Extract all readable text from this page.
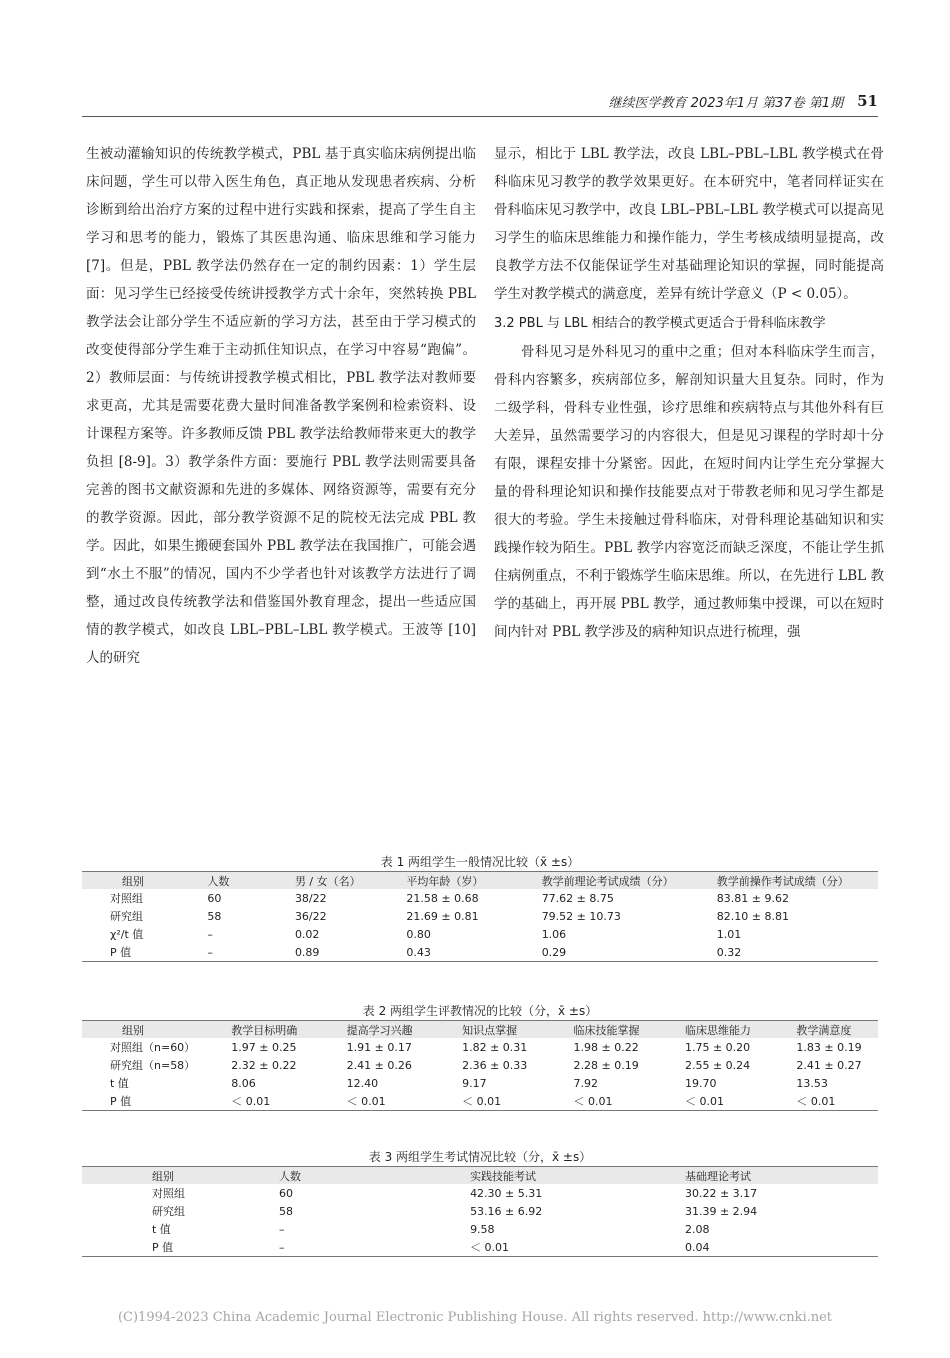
继续医学教育 2023年1月 第37卷 第1期 51

生被动灌输知识的传统教学模式，PBL 基于真实临床病例提出临床问题，学生可以带入医生角色，真正地从发现患者疾病、分析诊断到给出治疗方案的过程中进行实践和探索，提高了学生自主学习和思考的能力，锻炼了其医患沟通、临床思维和学习能力 [7]。但是，PBL 教学法仍然存在一定的制约因素：1）学生层面：见习学生已经接受传统讲授教学方式十余年，突然转换 PBL 教学法会让部分学生不适应新的学习方法，甚至由于学习模式的改变使得部分学生难于主动抓住知识点，在学习中容易“跑偏”。2）教师层面：与传统讲授教学模式相比，PBL 教学法对教师要求更高，尤其是需要花费大量时间准备教学案例和检索资料、设计课程方案等。许多教师反馈 PBL 教学法给教师带来更大的教学负担 [8-9]。3）教学条件方面：要施行 PBL 教学法则需要具备完善的图书文献资源和先进的多媒体、网络资源等，需要有充分的教学资源。因此，部分教学资源不足的院校无法完成 PBL 教学。因此，如果生搬硬套国外 PBL 教学法在我国推广，可能会遇到“水土不服”的情况，国内不少学者也针对该教学方法进行了调整，通过改良传统教学法和借鉴国外教育理念，提出一些适应国情的教学模式，如改良 LBL–PBL–LBL 教学模式。王波等 [10] 人的研究

显示，相比于 LBL 教学法，改良 LBL–PBL–LBL 教学模式在骨科临床见习教学的教学效果更好。在本研究中，笔者同样证实在骨科临床见习教学中，改良 LBL–PBL–LBL 教学模式可以提高见习学生的临床思维能力和操作能力，学生考核成绩明显提高，改良教学方法不仅能保证学生对基础理论知识的掌握，同时能提高学生对教学模式的满意度，差异有统计学意义（P < 0.05）。

3.2 PBL 与 LBL 相结合的教学模式更适合于骨科临床教学

骨科见习是外科见习的重中之重；但对本科临床学生而言，骨科内容繁多，疾病部位多，解剖知识量大且复杂。同时，作为二级学科，骨科专业性强，诊疗思维和疾病特点与其他外科有巨大差异，虽然需要学习的内容很大，但是见习课程的学时却十分有限，课程安排十分紧密。因此，在短时间内让学生充分掌握大量的骨科理论知识和操作技能要点对于带教老师和见习学生都是很大的考验。学生未接触过骨科临床，对骨科理论基础知识和实践操作较为陌生。PBL 教学内容宽泛而缺乏深度，不能让学生抓住病例重点，不利于锻炼学生临床思维。所以，在先进行 LBL 教学的基础上，再开展 PBL 教学，通过教师集中授课，可以在短时间内针对 PBL 教学涉及的病种知识点进行梳理，强

表 1 两组学生一般情况比较（x̄ ±s）
组别	人数	男 / 女（名）	平均年龄（岁）	教学前理论考试成绩（分）	教学前操作考试成绩（分）
对照组	60	38/22	21.58 ± 0.68	77.62 ± 8.75	83.81 ± 9.62
研究组	58	36/22	21.69 ± 0.81	79.52 ± 10.73	82.10 ± 8.81
χ²/t 值	–	0.02	0.80	1.06	1.01
P 值	–	0.89	0.43	0.29	0.32
表 2 两组学生评教情况的比较（分，x̄ ±s）
组别	教学目标明确	提高学习兴趣	知识点掌握	临床技能掌握	临床思维能力	教学满意度
对照组（n=60）	1.97 ± 0.25	1.91 ± 0.17	1.82 ± 0.31	1.98 ± 0.22	1.75 ± 0.20	1.83 ± 0.19
研究组（n=58）	2.32 ± 0.22	2.41 ± 0.26	2.36 ± 0.33	2.28 ± 0.19	2.55 ± 0.24	2.41 ± 0.27
t 值	8.06	12.40	9.17	7.92	19.70	13.53
P 值	＜ 0.01	＜ 0.01	＜ 0.01	＜ 0.01	＜ 0.01	＜ 0.01
表 3 两组学生考试情况比较（分，x̄ ±s）
组别	人数	实践技能考试	基础理论考试
对照组	60	42.30 ± 5.31	30.22 ± 3.17
研究组	58	53.16 ± 6.92	31.39 ± 2.94
t 值	–	9.58	2.08
P 值	–	＜ 0.01	0.04
(C)1994-2023 China Academic Journal Electronic Publishing House. All rights reserved. http://www.cnki.net
